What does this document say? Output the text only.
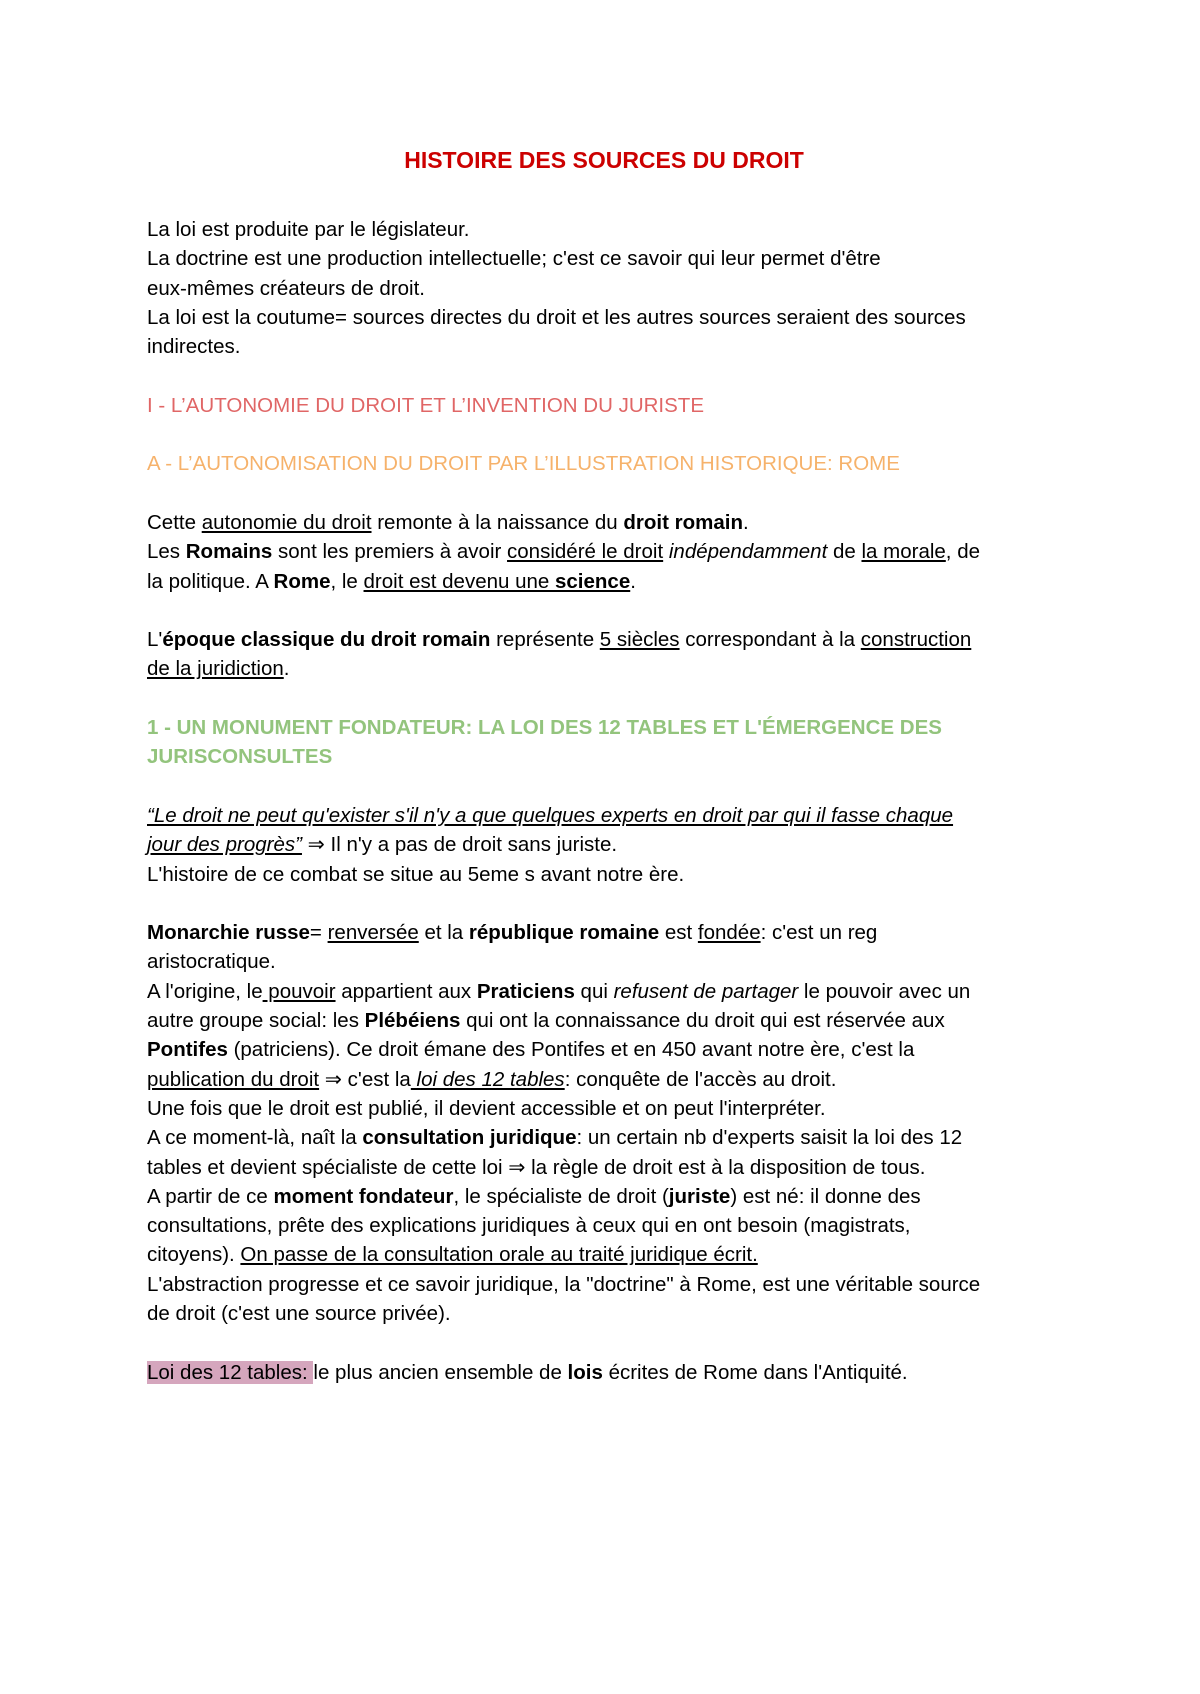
HISTOIRE DES SOURCES DU DROIT

La loi est produite par le législateur.

La doctrine est une production intellectuelle; c'est ce savoir qui leur permet d'être

eux-mêmes créateurs de droit.

La loi est la coutume= sources directes du droit et les autres sources seraient des sources

indirectes.

I - L’AUTONOMIE DU DROIT ET L’INVENTION DU JURISTE

A - L’AUTONOMISATION DU DROIT PAR L’ILLUSTRATION HISTORIQUE: ROME

Cette autonomie du droit remonte à la naissance du droit romain.

Les Romains sont les premiers à avoir considéré le droit indépendamment de la morale, de

la politique. A Rome, le droit est devenu une science.

L'époque classique du droit romain représente 5 siècles correspondant à la construction

de la juridiction.

1 - UN MONUMENT FONDATEUR: LA LOI DES 12 TABLES ET L'ÉMERGENCE DES

JURISCONSULTES

“Le droit ne peut qu'exister s'il n'y a que quelques experts en droit par qui il fasse chaque

jour des progrès” ⇒ Il n'y a pas de droit sans juriste.

L'histoire de ce combat se situe au 5eme s avant notre ère.

Monarchie russe= renversée et la république romaine est fondée: c'est un reg

aristocratique.

A l'origine, le pouvoir appartient aux Praticiens qui refusent de partager le pouvoir avec un

autre groupe social: les Plébéiens qui ont la connaissance du droit qui est réservée aux

Pontifes (patriciens). Ce droit émane des Pontifes et en 450 avant notre ère, c'est la

publication du droit ⇒ c'est la loi des 12 tables: conquête de l'accès au droit.

Une fois que le droit est publié, il devient accessible et on peut l'interpréter.

A ce moment-là, naît la consultation juridique: un certain nb d'experts saisit la loi des 12

tables et devient spécialiste de cette loi ⇒ la règle de droit est à la disposition de tous.

A partir de ce moment fondateur, le spécialiste de droit (juriste) est né: il donne des

consultations, prête des explications juridiques à ceux qui en ont besoin (magistrats,

citoyens). On passe de la consultation orale au traité juridique écrit.

L'abstraction progresse et ce savoir juridique, la "doctrine" à Rome, est une véritable source

de droit (c'est une source privée).

Loi des 12 tables: le plus ancien ensemble de lois écrites de Rome dans l'Antiquité.
